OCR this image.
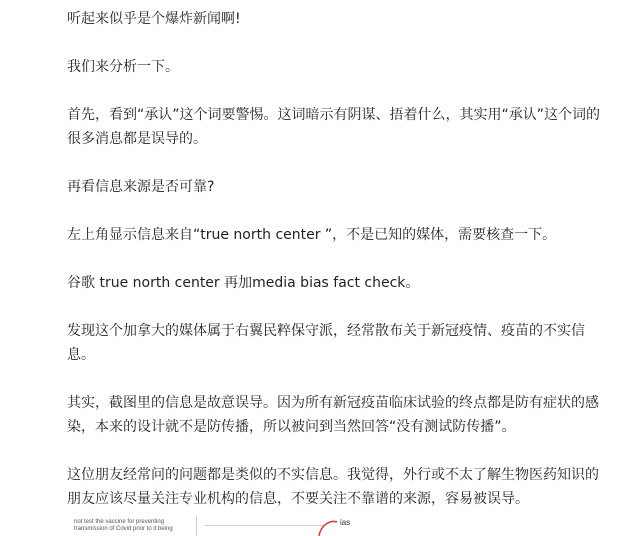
听起来似乎是个爆炸新闻啊!

我们来分析一下。

首先，看到“承认”这个词要警惕。这词暗示有阴谋、捂着什么，其实用“承认”这个词的很多消息都是误导的。

再看信息来源是否可靠?

左上角显示信息来自“true north center ”，不是已知的媒体，需要核查一下。

谷歌 true north center 再加media bias fact check。

发现这个加拿大的媒体属于右翼民粹保守派，经常散布关于新冠疫情、疫苗的不实信息。

其实，截图里的信息是故意误导。因为所有新冠疫苗临床试验的终点都是防有症状的感染，本来的设计就不是防传播，所以被问到当然回答“没有测试防传播”。

这位朋友经常问的问题都是类似的不实信息。我觉得，外行或不太了解生物医药知识的朋友应该尽量关注专业机构的信息，不要关注不靠谱的来源，容易被误导。

not test the vaccine for preventing transmission of Covid prior to it being

ias
